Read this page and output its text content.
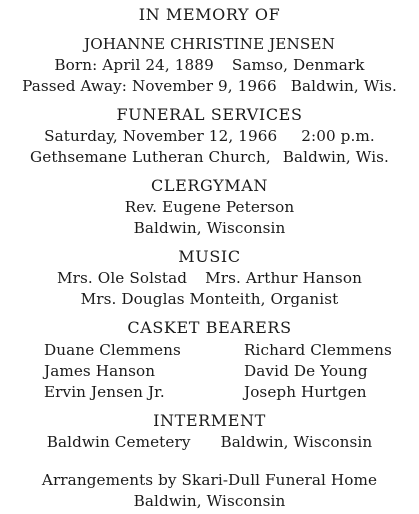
IN MEMORY OF
JOHANNE CHRISTINE JENSEN
Born: April 24, 1889 Samso, Denmark
Passed Away: November 9, 1966 Baldwin, Wis.
FUNERAL SERVICES
Saturday, November 12, 1966 2:00 p.m.
Gethsemane Lutheran Church, Baldwin, Wis.
CLERGYMAN
Rev. Eugene Peterson
Baldwin, Wisconsin
MUSIC
Mrs. Ole Solstad Mrs. Arthur Hanson
Mrs. Douglas Monteith, Organist
CASKET BEARERS
Duane Clemmens	Richard Clemmens
James Hanson	David De Young
Ervin Jensen Jr.	Joseph Hurtgen
INTERMENT
Baldwin Cemetery Baldwin, Wisconsin
Arrangements by Skari-Dull Funeral Home
Baldwin, Wisconsin
